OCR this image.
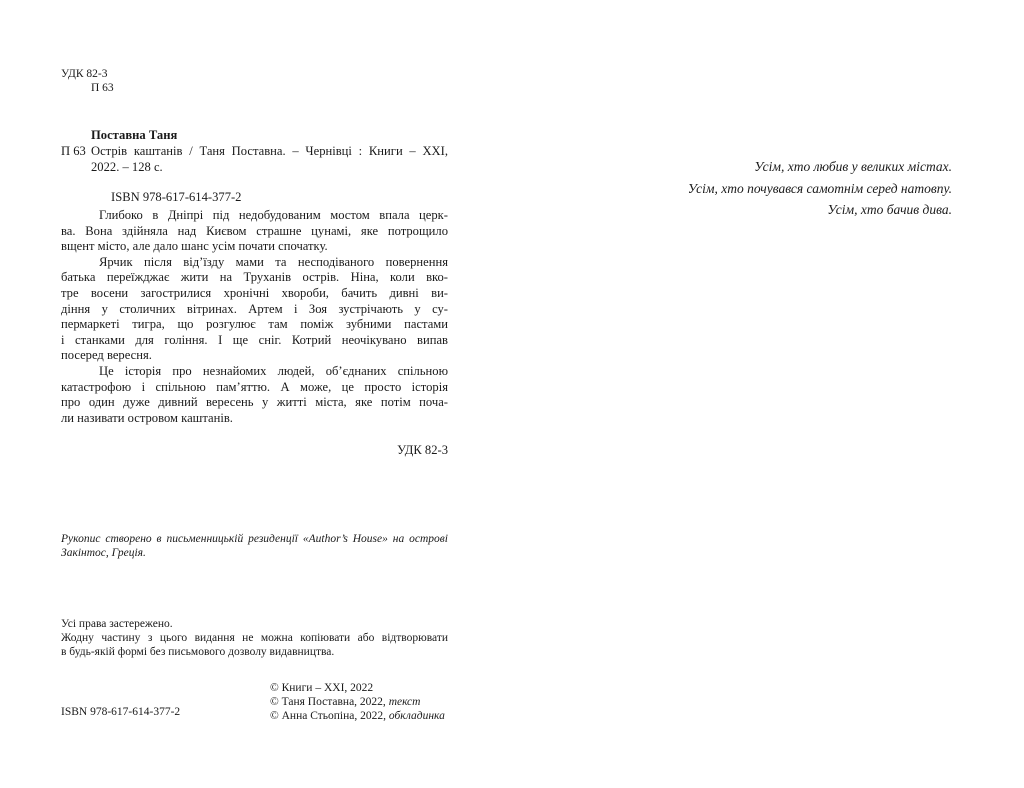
УДК 82-3
П 63
Поставна Таня
П 63 Острів каштанів / Таня Поставна. – Чернівці : Книги – XXI,
2022. – 128 с.
ISBN 978-617-614-377-2
Глибоко в Дніпрі під недобудованим мостом впала церк-
ва. Вона здійняла над Києвом страшне цунамі, яке потрощило
вщент місто, але дало шанс усім почати спочатку.
Ярчик після від’їзду мами та несподіваного повернення
батька переїжджає жити на Труханів острів. Ніна, коли вко-
тре восени загострилися хронічні хвороби, бачить дивні ви-
діння у столичних вітринах. Артем і Зоя зустрічають у су-
пермаркеті тигра, що розгулює там поміж зубними пастами
і станками для гоління. І ще сніг. Котрий неочікувано випав
посеред вересня.
Це історія про незнайомих людей, об’єднаних спільною
катастрофою і спільною пам’яттю. А може, це просто історія
про один дуже дивний вересень у житті міста, яке потім поча-
ли називати островом каштанів.
УДК 82-3
Рукопис створено в письменницькій резиденції «Author’s House» на острові
Закінтос, Греція.
Усі права застережено.
Жодну частину з цього видання не можна копіювати або відтворювати
в будь-якій формі без письмового дозволу видавництва.
ISBN 978-617-614-377-2
© Книги – XXI, 2022
© Таня Поставна, 2022, текст
© Анна Стьопіна, 2022, обкладинка
Усім, хто любив у великих містах.
Усім, хто почувався самотнім серед натовпу.
Усім, хто бачив дива.
